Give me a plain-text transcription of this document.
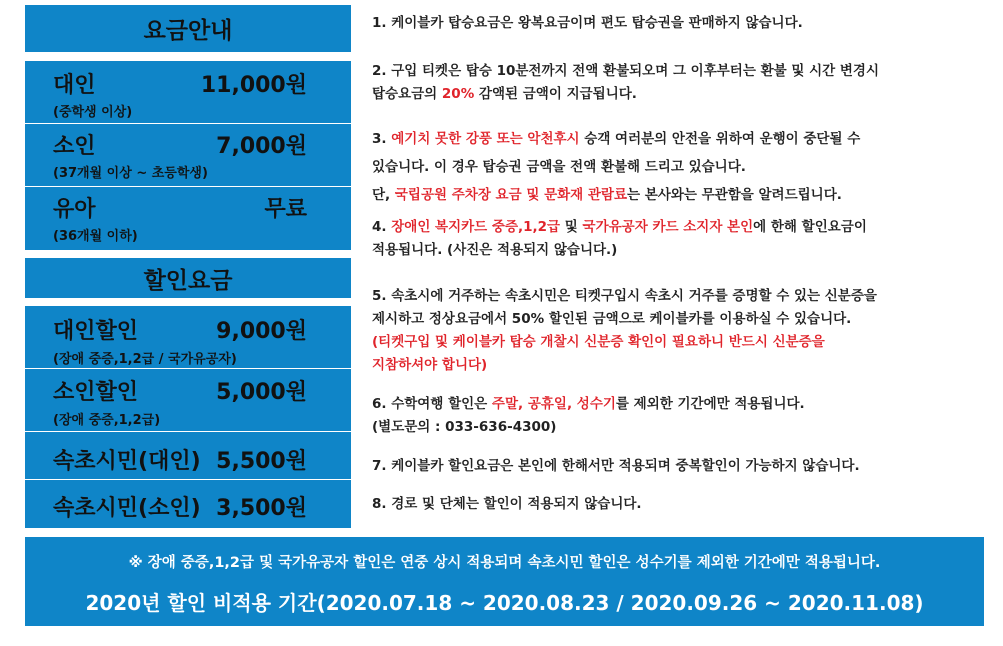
요금안내
대인	11,000원
(중학생 이상)
소인	7,000원
(37개월 이상 ~ 초등학생)
유아	무료
(36개월 이하)
할인요금
대인할인	9,000원
(장애 중증,1,2급 / 국가유공자)
소인할인	5,000원
(장애 중증,1,2급)
속초시민(대인) 5,500원
속초시민(소인) 3,500원
1. 케이블카 탑승요금은 왕복요금이며 편도 탑승권을 판매하지 않습니다.
2. 구입 티켓은 탑승 10분전까지 전액 환불되오며 그 이후부터는 환불 및 시간 변경시
탑승요금의 20% 감액된 금액이 지급됩니다.
3. 예기치 못한 강풍 또는 악천후시 승객 여러분의 안전을 위하여 운행이 중단될 수
있습니다. 이 경우 탑승권 금액을 전액 환불해 드리고 있습니다.
단, 국립공원 주차장 요금 및 문화재 관람료는 본사와는 무관함을 알려드립니다.
4. 장애인 복지카드 중증,1,2급 및 국가유공자 카드 소지자 본인에 한해 할인요금이
적용됩니다. (사진은 적용되지 않습니다.)
5. 속초시에 거주하는 속초시민은 티켓구입시 속초시 거주를 증명할 수 있는 신분증을
제시하고 정상요금에서 50% 할인된 금액으로 케이블카를 이용하실 수 있습니다.
(티켓구입 및 케이블카 탑승 개찰시 신분증 확인이 필요하니 반드시 신분증을
지참하셔야 합니다)
6. 수학여행 할인은 주말, 공휴일, 성수기를 제외한 기간에만 적용됩니다.
(별도문의 : 033-636-4300)
7. 케이블카 할인요금은 본인에 한해서만 적용되며 중복할인이 가능하지 않습니다.
8. 경로 및 단체는 할인이 적용되지 않습니다.
※ 장애 중증,1,2급 및 국가유공자 할인은 연중 상시 적용되며 속초시민 할인은 성수기를 제외한 기간에만 적용됩니다.
2020년 할인 비적용 기간(2020.07.18 ~ 2020.08.23 / 2020.09.26 ~ 2020.11.08)
